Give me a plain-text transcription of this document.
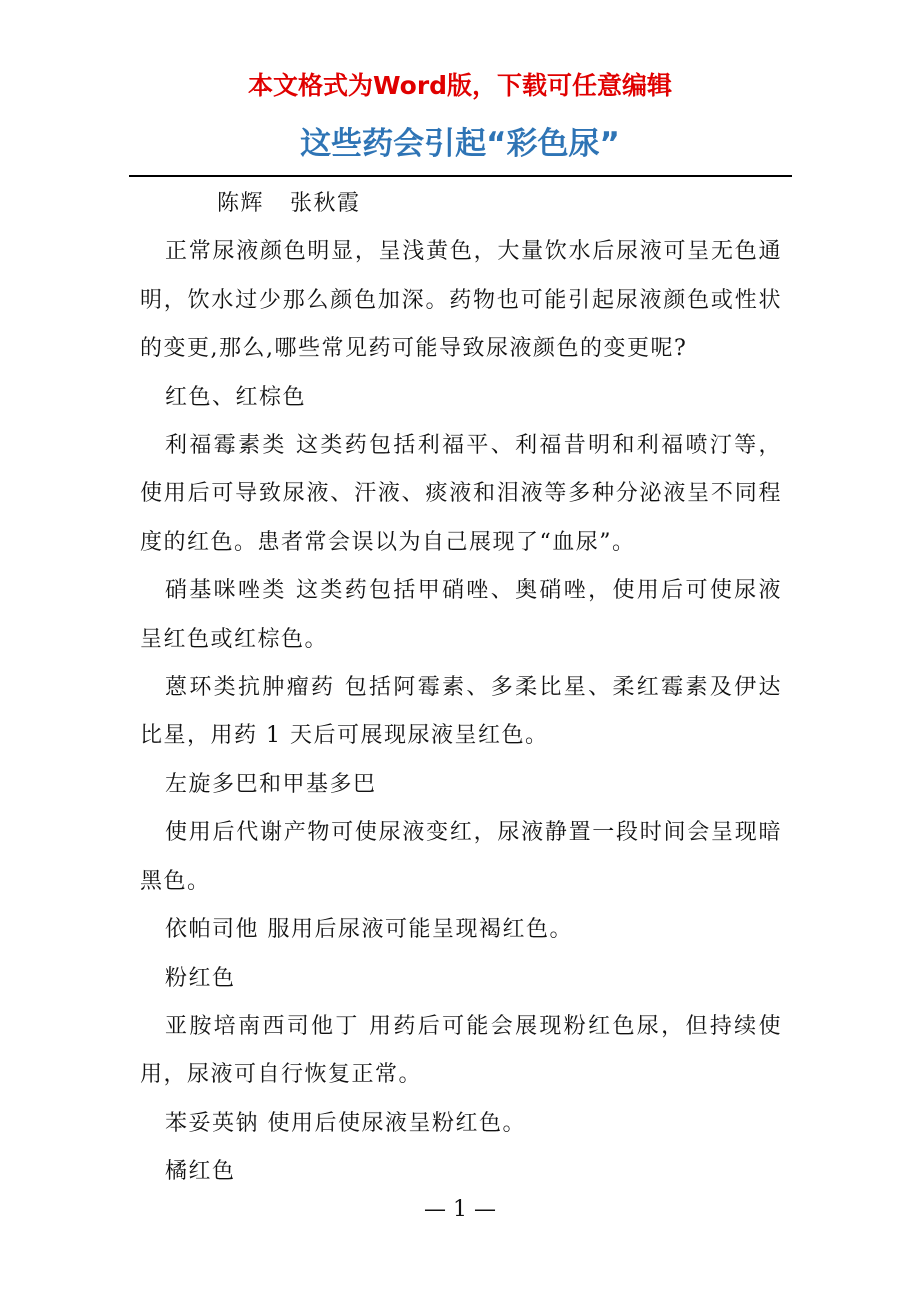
本文格式为Word版，下载可任意编辑
这些药会引起“彩色尿”

陈辉 张秋霞

正常尿液颜色明显，呈浅黄色，大量饮水后尿液可呈无色通明，饮水过少那么颜色加深。药物也可能引起尿液颜色或性状的变更,那么,哪些常见药可能导致尿液颜色的变更呢?

红色、红棕色

利福霉素类 这类药包括利福平、利福昔明和利福喷汀等，使用后可导致尿液、汗液、痰液和泪液等多种分泌液呈不同程度的红色。患者常会误以为自己展现了“血尿”。

硝基咪唑类 这类药包括甲硝唑、奥硝唑，使用后可使尿液呈红色或红棕色。

蒽环类抗肿瘤药 包括阿霉素、多柔比星、柔红霉素及伊达比星，用药 1 天后可展现尿液呈红色。

左旋多巴和甲基多巴

使用后代谢产物可使尿液变红，尿液静置一段时间会呈现暗黑色。

依帕司他 服用后尿液可能呈现褐红色。

粉红色

亚胺培南西司他丁 用药后可能会展现粉红色尿，但持续使用，尿液可自行恢复正常。

苯妥英钠 使用后使尿液呈粉红色。

橘红色

— 1 —
